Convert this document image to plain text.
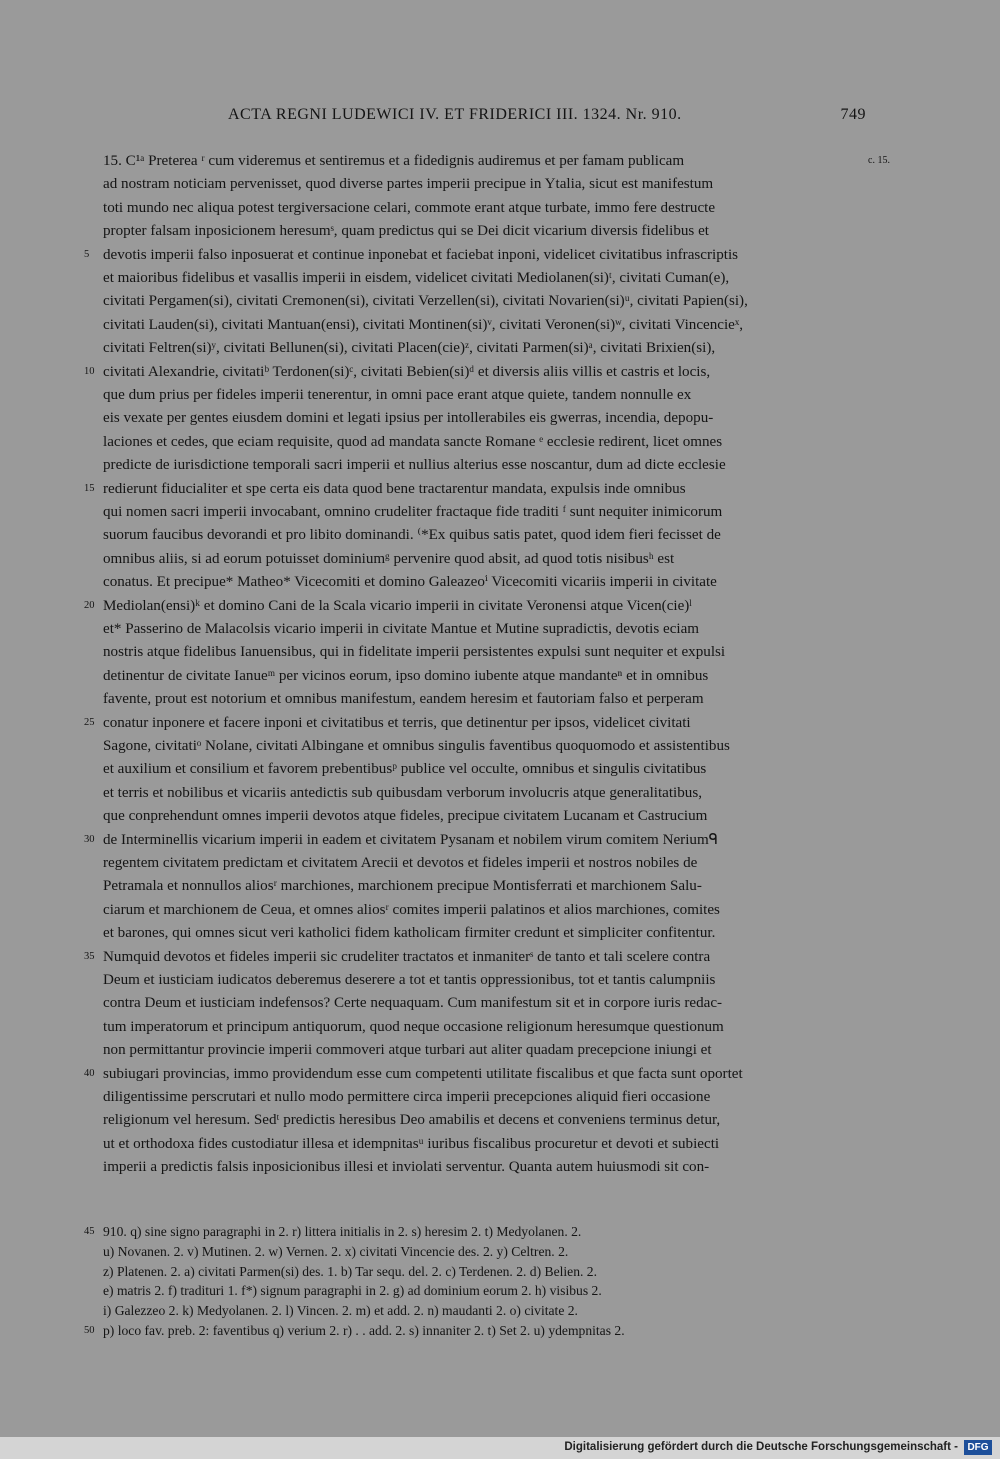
ACTA REGNI LUDEWICI IV. ET FRIDERICI III. 1324. Nr. 910.	749
15. C¹ᵃ Preterea ʳ cum videremus et sentiremus et a fidedignis audiremus et per famam publicam	c. 15.
ad nostram noticiam pervenisset, quod diverse partes imperii precipue in Ytalia, sicut est manifestum
toti mundo nec aliqua potest tergiversacione celari, commote erant atque turbate, immo fere destructe
propter falsam inposicionem heresumˢ, quam predictus qui se Dei dicit vicarium diversis fidelibus et
5 devotis imperii falso inposuerat et continue inponebat et faciebat inponi, videlicet civitatibus infrascriptis
et maioribus fidelibus et vasallis imperii in eisdem, videlicet civitati Mediolanen(si)ᵗ, civitati Cuman(e),
civitati Pergamen(si), civitati Cremonen(si), civitati Verzellen(si), civitati Novarien(si)ᵘ, civitati Papien(si),
civitati Lauden(si), civitati Mantuan(ensi), civitati Montinen(si)ᵛ, civitati Veronen(si)ʷ, civitati Vincencieˣ,
civitati Feltren(si)ʸ, civitati Bellunen(si), civitati Placen(cie)ᶻ, civitati Parmen(si)ᵃ, civitati Brixien(si),
10 civitati Alexandrie, civitatiᵇ Terdonen(si)ᶜ, civitati Bebien(si)ᵈ et diversis aliis villis et castris et locis,
que dum prius per fideles imperii tenerentur, in omni pace erant atque quiete, tandem nonnulle ex
eis vexate per gentes eiusdem domini et legati ipsius per intollerabiles eis gwerras, incendia, depopu-
laciones et cedes, que eciam requisite, quod ad mandata sancte Romane ᵉ ecclesie redirent, licet omnes
predicte de iurisdictione temporali sacri imperii et nullius alterius esse noscantur, dum ad dicte ecclesie
15 redierunt fiducialiter et spe certa eis data quod bene tractarentur mandata, expulsis inde omnibus
qui nomen sacri imperii invocabant, omnino crudeliter fractaque fide traditi ᶠ sunt nequiter inimicorum
suorum faucibus devorandi et pro libito dominandi. ⁽*Ex quibus satis patet, quod idem fieri fecisset de
omnibus aliis, si ad eorum potuisset dominiumᵍ pervenire quod absit, ad quod totis nisibusʰ est
conatus. Et precipue* Matheo* Vicecomiti et domino Galeazeoⁱ Vicecomiti vicariis imperii in civitate
20 Mediolan(ensi)ᵏ et domino Cani de la Scala vicario imperii in civitate Veronensi atque Vicen(cie)ˡ
et* Passerino de Malacolsis vicario imperii in civitate Mantue et Mutine supradictis, devotis eciam
nostris atque fidelibus Ianuensibus, qui in fidelitate imperii persistentes expulsi sunt nequiter et expulsi
detinentur de civitate Ianueᵐ per vicinos eorum, ipso domino iubente atque mandanteⁿ et in omnibus
favente, prout est notorium et omnibus manifestum, eandem heresim et fautoriam falso et perperam
25 conatur inponere et facere inponi et civitatibus et terris, que detinentur per ipsos, videlicet civitati
Sagone, civitatiᵒ Nolane, civitati Albingane et omnibus singulis faventibus quoquomodo et assistentibus
et auxilium et consilium et favorem prebentibusᵖ publice vel occulte, omnibus et singulis civitatibus
et terris et nobilibus et vicariis antedictis sub quibusdam verborum involucris atque generalitatibus,
que conprehendunt omnes imperii devotos atque fideles, precipue civitatem Lucanam et Castrucium
30 de Interminellis vicarium imperii in eadem et civitatem Pysanam et nobilem virum comitem Neriumᑫ
regentem civitatem predictam et civitatem Arecii et devotos et fideles imperii et nostros nobiles de
Petramala et nonnullos aliosʳ marchiones, marchionem precipue Montisferrati et marchionem Salu-
ciarum et marchionem de Ceua, et omnes aliosʳ comites imperii palatinos et alios marchiones, comites
et barones, qui omnes sicut veri katholici fidem katholicam firmiter credunt et simpliciter confitentur.
35 Numquid devotos et fideles imperii sic crudeliter tractatos et inmaniterˢ de tanto et tali scelere contra
Deum et iusticiam iudicatos deberemus deserere a tot et tantis oppressionibus, tot et tantis calumpniis
contra Deum et iusticiam indefensos? Certe nequaquam. Cum manifestum sit et in corpore iuris redac-
tum imperatorum et principum antiquorum, quod neque occasione religionum heresumque questionum
non permittantur provincie imperii commoveri atque turbari aut aliter quadam precepcione iniungi et
40 subiugari provincias, immo providendum esse cum competenti utilitate fiscalibus et que facta sunt oportet
diligentissime perscrutari et nullo modo permittere circa imperii precepciones aliquid fieri occasione
religionum vel heresum. Sedᵗ predictis heresibus Deo amabilis et decens et conveniens terminus detur,
ut et orthodoxa fides custodiatur illesa et idempnitasᵘ iuribus fiscalibus procuretur et devoti et subiecti
imperii a predictis falsis inposicionibus illesi et inviolati serventur. Quanta autem huiusmodi sit con-
45 910. q) sine signo paragraphi in 2. r) littera initialis in 2. s) heresim 2. t) Medyolanen. 2.
u) Novanen. 2. v) Mutinen. 2. w) Vernen. 2. x) civitati Vincencie des. 2. y) Celtren. 2.
z) Platenen. 2. a) civitati Parmen(si) des. 1. b) Tar sequ. del. 2. c) Terdenen. 2. d) Belien. 2.
e) matris 2. f) tradituri 1. f*) signum paragraphi in 2. g) ad dominium eorum 2. h) visibus 2.
i) Galezzeo 2. k) Medyolanen. 2. l) Vincen. 2. m) et add. 2. n) maudanti 2. o) civitate 2.
50 p) loco fav. preb. 2: faventibus q) verium 2. r) . . add. 2. s) innaniter 2. t) Set 2. u) ydempnitas 2.
Digitalisierung gefördert durch die Deutsche Forschungsgemeinschaft - DFG
